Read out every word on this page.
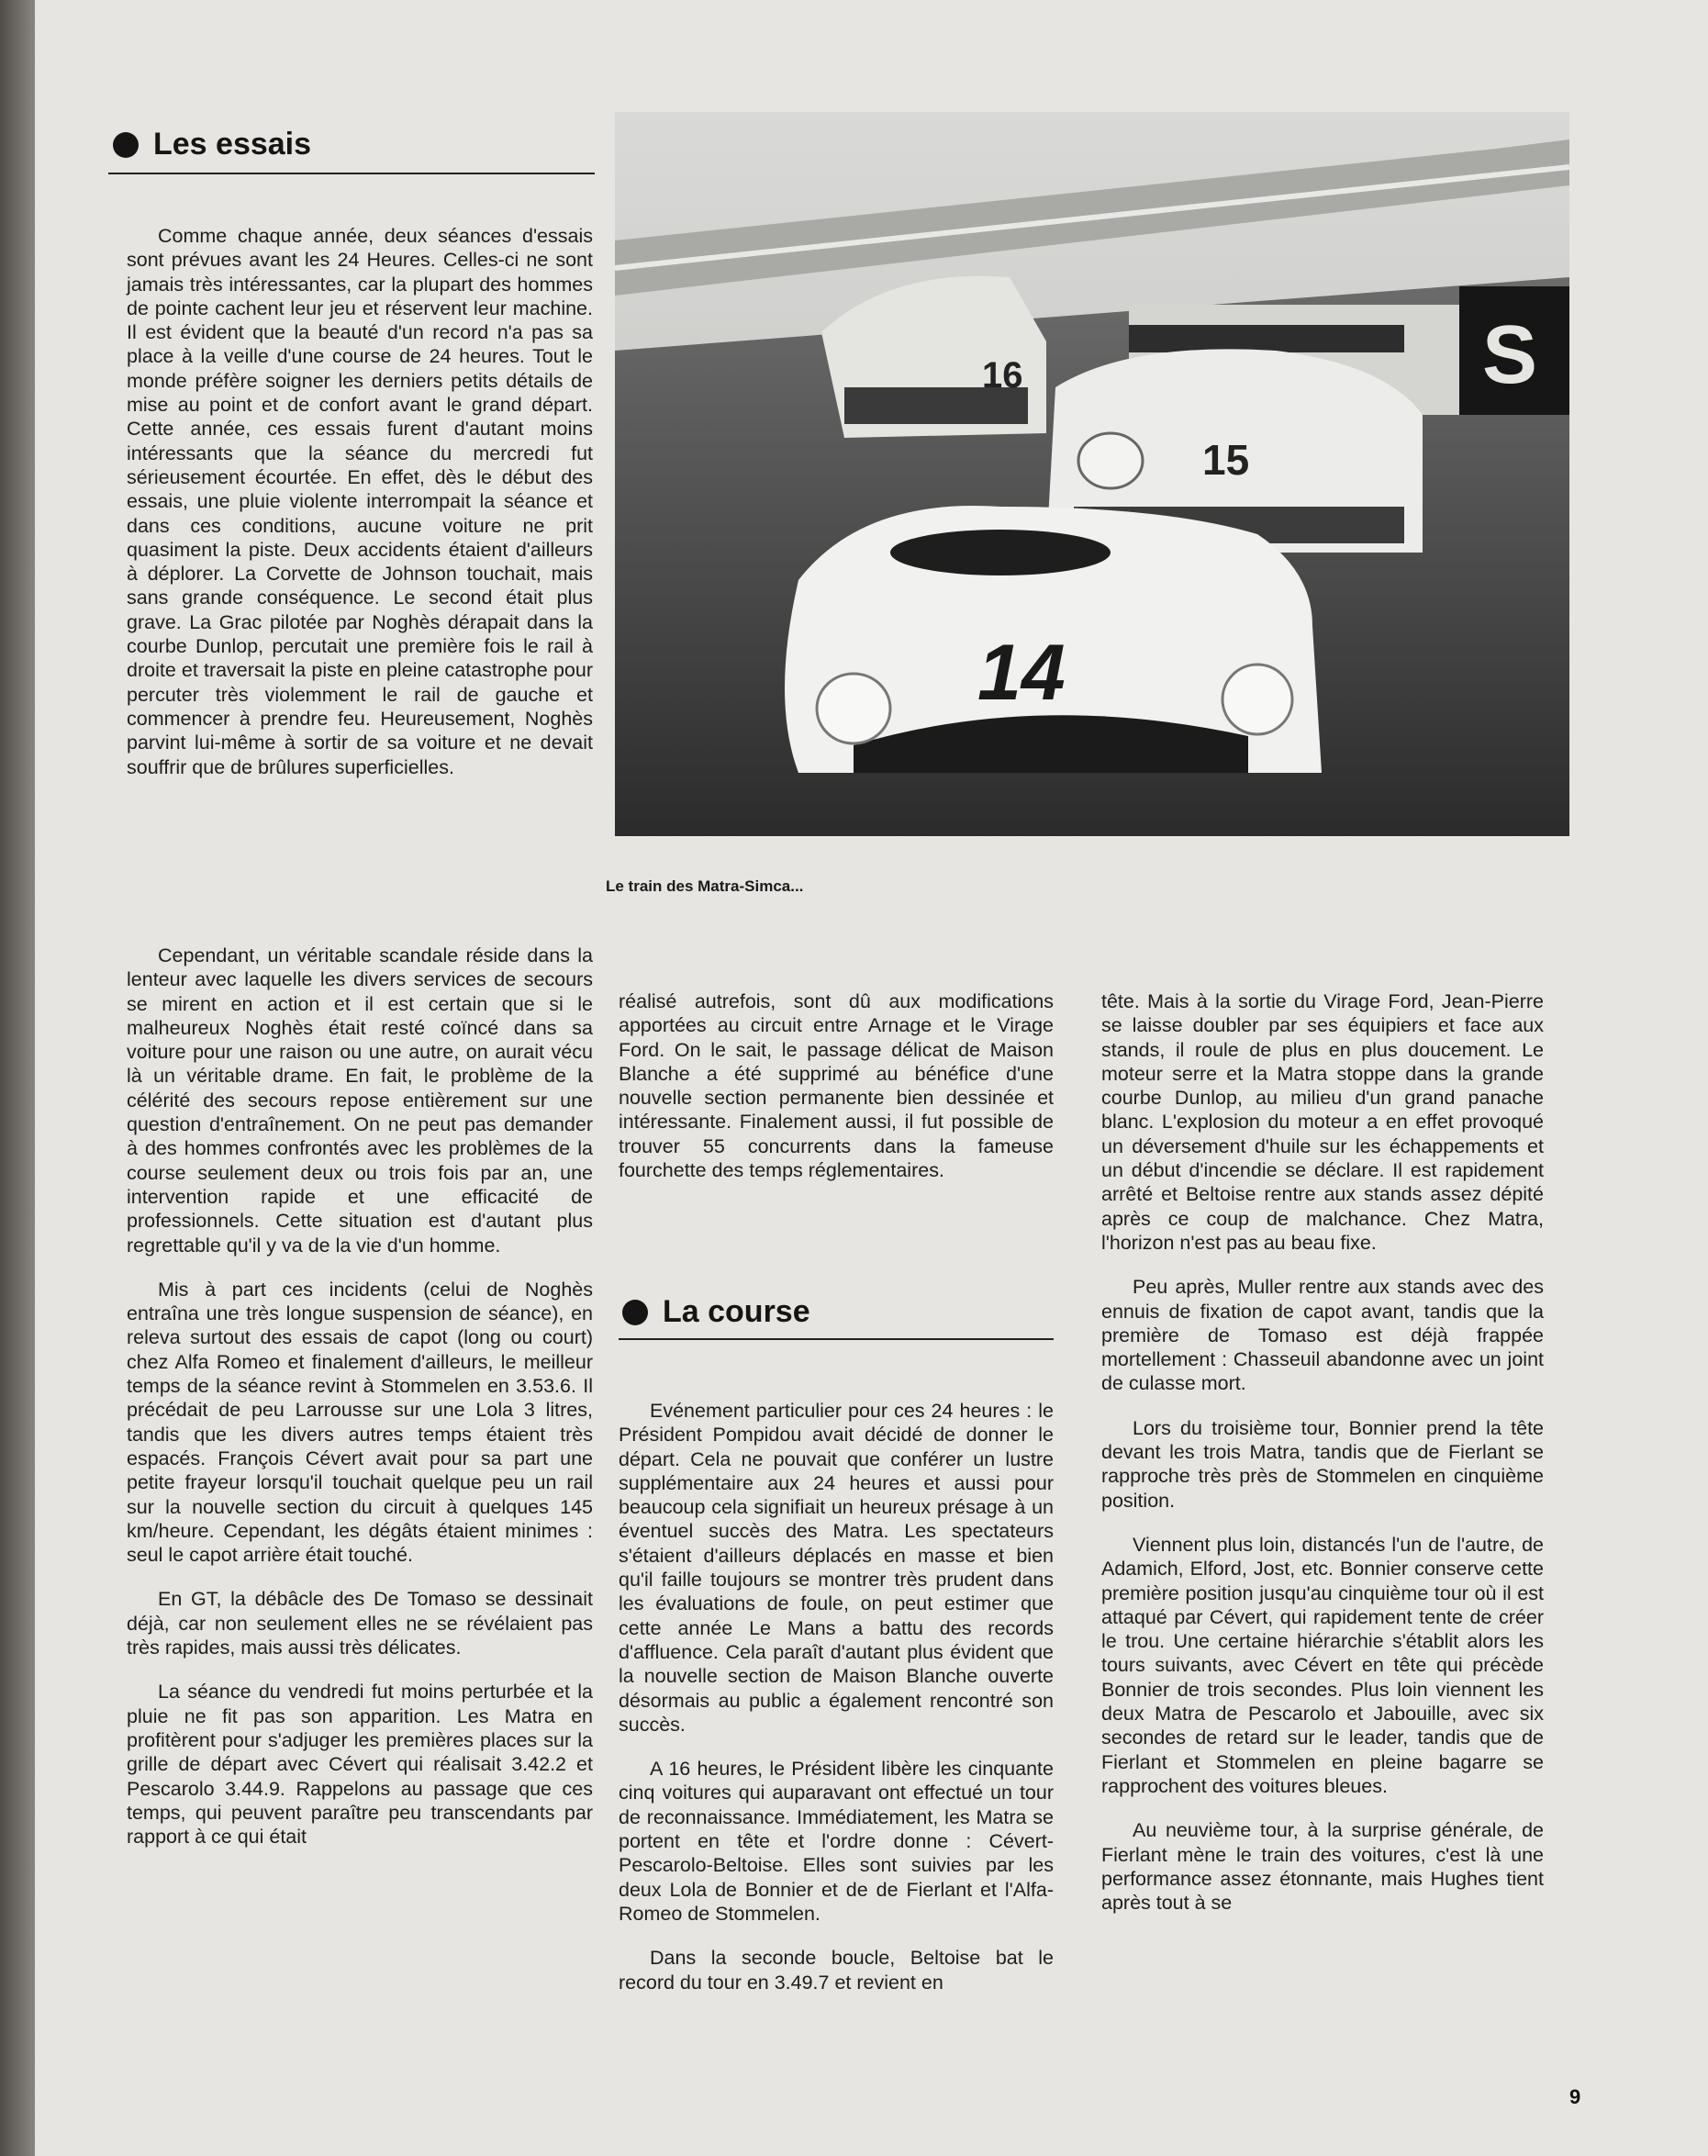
Les essais

Comme chaque année, deux séances d'essais sont prévues avant les 24 Heures. Celles-ci ne sont jamais très intéressantes, car la plupart des hommes de pointe cachent leur jeu et réservent leur machine. Il est évident que la beauté d'un record n'a pas sa place à la veille d'une course de 24 heures. Tout le monde préfère soigner les derniers petits détails de mise au point et de confort avant le grand départ. Cette année, ces essais furent d'autant moins intéressants que la séance du mercredi fut sérieusement écourtée. En effet, dès le début des essais, une pluie violente interrompait la séance et dans ces conditions, aucune voiture ne prit quasiment la piste. Deux accidents étaient d'ailleurs à déplorer. La Corvette de Johnson touchait, mais sans grande conséquence. Le second était plus grave. La Grac pilotée par Noghès dérapait dans la courbe Dunlop, percutait une première fois le rail à droite et traversait la piste en pleine catastrophe pour percuter très violemment le rail de gauche et commencer à prendre feu. Heureusement, Noghès parvint lui-même à sortir de sa voiture et ne devait souffrir que de brûlures superficielles.

Cependant, un véritable scandale réside dans la lenteur avec laquelle les divers services de secours se mirent en action et il est certain que si le malheureux Noghès était resté coïncé dans sa voiture pour une raison ou une autre, on aurait vécu là un véritable drame. En fait, le problème de la célérité des secours repose entièrement sur une question d'entraînement. On ne peut pas demander à des hommes confrontés avec les problèmes de la course seulement deux ou trois fois par an, une intervention rapide et une efficacité de professionnels. Cette situation est d'autant plus regrettable qu'il y va de la vie d'un homme.

Mis à part ces incidents (celui de Noghès entraîna une très longue suspension de séance), en releva surtout des essais de capot (long ou court) chez Alfa Romeo et finalement d'ailleurs, le meilleur temps de la séance revint à Stommelen en 3.53.6. Il précédait de peu Larrousse sur une Lola 3 litres, tandis que les divers autres temps étaient très espacés. François Cévert avait pour sa part une petite frayeur lorsqu'il touchait quelque peu un rail sur la nouvelle section du circuit à quelques 145 km/heure. Cependant, les dégâts étaient minimes : seul le capot arrière était touché.

En GT, la débâcle des De Tomaso se dessinait déjà, car non seulement elles ne se révélaient pas très rapides, mais aussi très délicates.

La séance du vendredi fut moins perturbée et la pluie ne fit pas son apparition. Les Matra en profitèrent pour s'adjuger les premières places sur la grille de départ avec Cévert qui réalisait 3.42.2 et Pescarolo 3.44.9. Rappelons au passage que ces temps, qui peuvent paraître peu transcendants par rapport à ce qui était

S
16
15
14
Le train des Matra-Simca...

réalisé autrefois, sont dû aux modifications apportées au circuit entre Arnage et le Virage Ford. On le sait, le passage délicat de Maison Blanche a été supprimé au bénéfice d'une nouvelle section permanente bien dessinée et intéressante. Finalement aussi, il fut possible de trouver 55 concurrents dans la fameuse fourchette des temps réglementaires.

La course

Evénement particulier pour ces 24 heures : le Président Pompidou avait décidé de donner le départ. Cela ne pouvait que conférer un lustre supplémentaire aux 24 heures et aussi pour beaucoup cela signifiait un heureux présage à un éventuel succès des Matra. Les spectateurs s'étaient d'ailleurs déplacés en masse et bien qu'il faille toujours se montrer très prudent dans les évaluations de foule, on peut estimer que cette année Le Mans a battu des records d'affluence. Cela paraît d'autant plus évident que la nouvelle section de Maison Blanche ouverte désormais au public a également rencontré son succès.

A 16 heures, le Président libère les cinquante cinq voitures qui auparavant ont effectué un tour de reconnaissance. Immédiatement, les Matra se portent en tête et l'ordre donne : Cévert-Pescarolo-Beltoise. Elles sont suivies par les deux Lola de Bonnier et de de Fierlant et l'Alfa-Romeo de Stommelen.

Dans la seconde boucle, Beltoise bat le record du tour en 3.49.7 et revient en

tête. Mais à la sortie du Virage Ford, Jean-Pierre se laisse doubler par ses équipiers et face aux stands, il roule de plus en plus doucement. Le moteur serre et la Matra stoppe dans la grande courbe Dunlop, au milieu d'un grand panache blanc. L'explosion du moteur a en effet provoqué un déversement d'huile sur les échappements et un début d'incendie se déclare. Il est rapidement arrêté et Beltoise rentre aux stands assez dépité après ce coup de malchance. Chez Matra, l'horizon n'est pas au beau fixe.

Peu après, Muller rentre aux stands avec des ennuis de fixation de capot avant, tandis que la première de Tomaso est déjà frappée mortellement : Chasseuil abandonne avec un joint de culasse mort.

Lors du troisième tour, Bonnier prend la tête devant les trois Matra, tandis que de Fierlant se rapproche très près de Stommelen en cinquième position.

Viennent plus loin, distancés l'un de l'autre, de Adamich, Elford, Jost, etc. Bonnier conserve cette première position jusqu'au cinquième tour où il est attaqué par Cévert, qui rapidement tente de créer le trou. Une certaine hiérarchie s'établit alors les tours suivants, avec Cévert en tête qui précède Bonnier de trois secondes. Plus loin viennent les deux Matra de Pescarolo et Jabouille, avec six secondes de retard sur le leader, tandis que de Fierlant et Stommelen en pleine bagarre se rapprochent des voitures bleues.

Au neuvième tour, à la surprise générale, de Fierlant mène le train des voitures, c'est là une performance assez étonnante, mais Hughes tient après tout à se

9
